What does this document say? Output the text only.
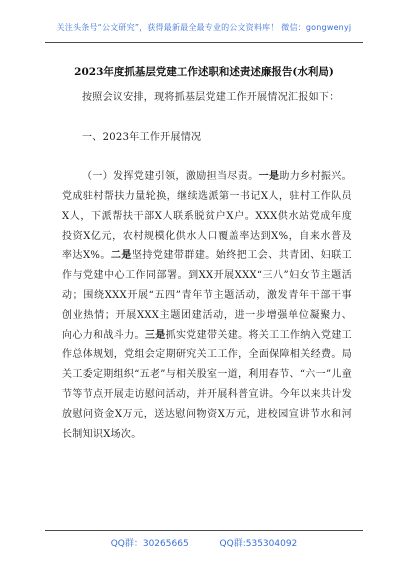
关注头条号“公文研究”，获得最新最全最专业的公文资料库！ 微信：gongwenyj
2023年度抓基层党建工作述职和述责述廉报告(水利局)

按照会议安排，现将抓基层党建工作开展情况汇报如下：

一、2023年工作开展情况

（一）发挥党建引领，激励担当尽责。一是助力乡村振兴。党成驻村帮扶力量轮换，继续选派第一书记X人，驻村工作队员X人，下派帮扶干部X人联系脱贫户X户。XXX供水站党成年度投资X亿元，农村规模化供水人口覆盖率达到X%，自来水普及率达X%。二是坚持党建带群建。始终把工会、共青团、妇联工作与党建中心工作同部署。到XX开展XXX“三八”妇女节主题活动；围绕XXX开展“五四”青年节主题活动，激发青年干部干事创业热情；开展XXX主题团建活动，进一步增强单位凝聚力、向心力和战斗力。三是抓实党建带关建。将关工工作纳入党建工作总体规划，党组会定期研究关工工作，全面保障相关经费。局关工委定期组织“五老”与相关股室一道，利用春节、“六一”儿童节等节点开展走访慰问活动，并开展科普宣讲。今年以来共计发放慰问资金X万元，送达慰问物资X万元，进校园宣讲节水和河长制知识X场次。

QQ群：30265665	QQ群:535304092
